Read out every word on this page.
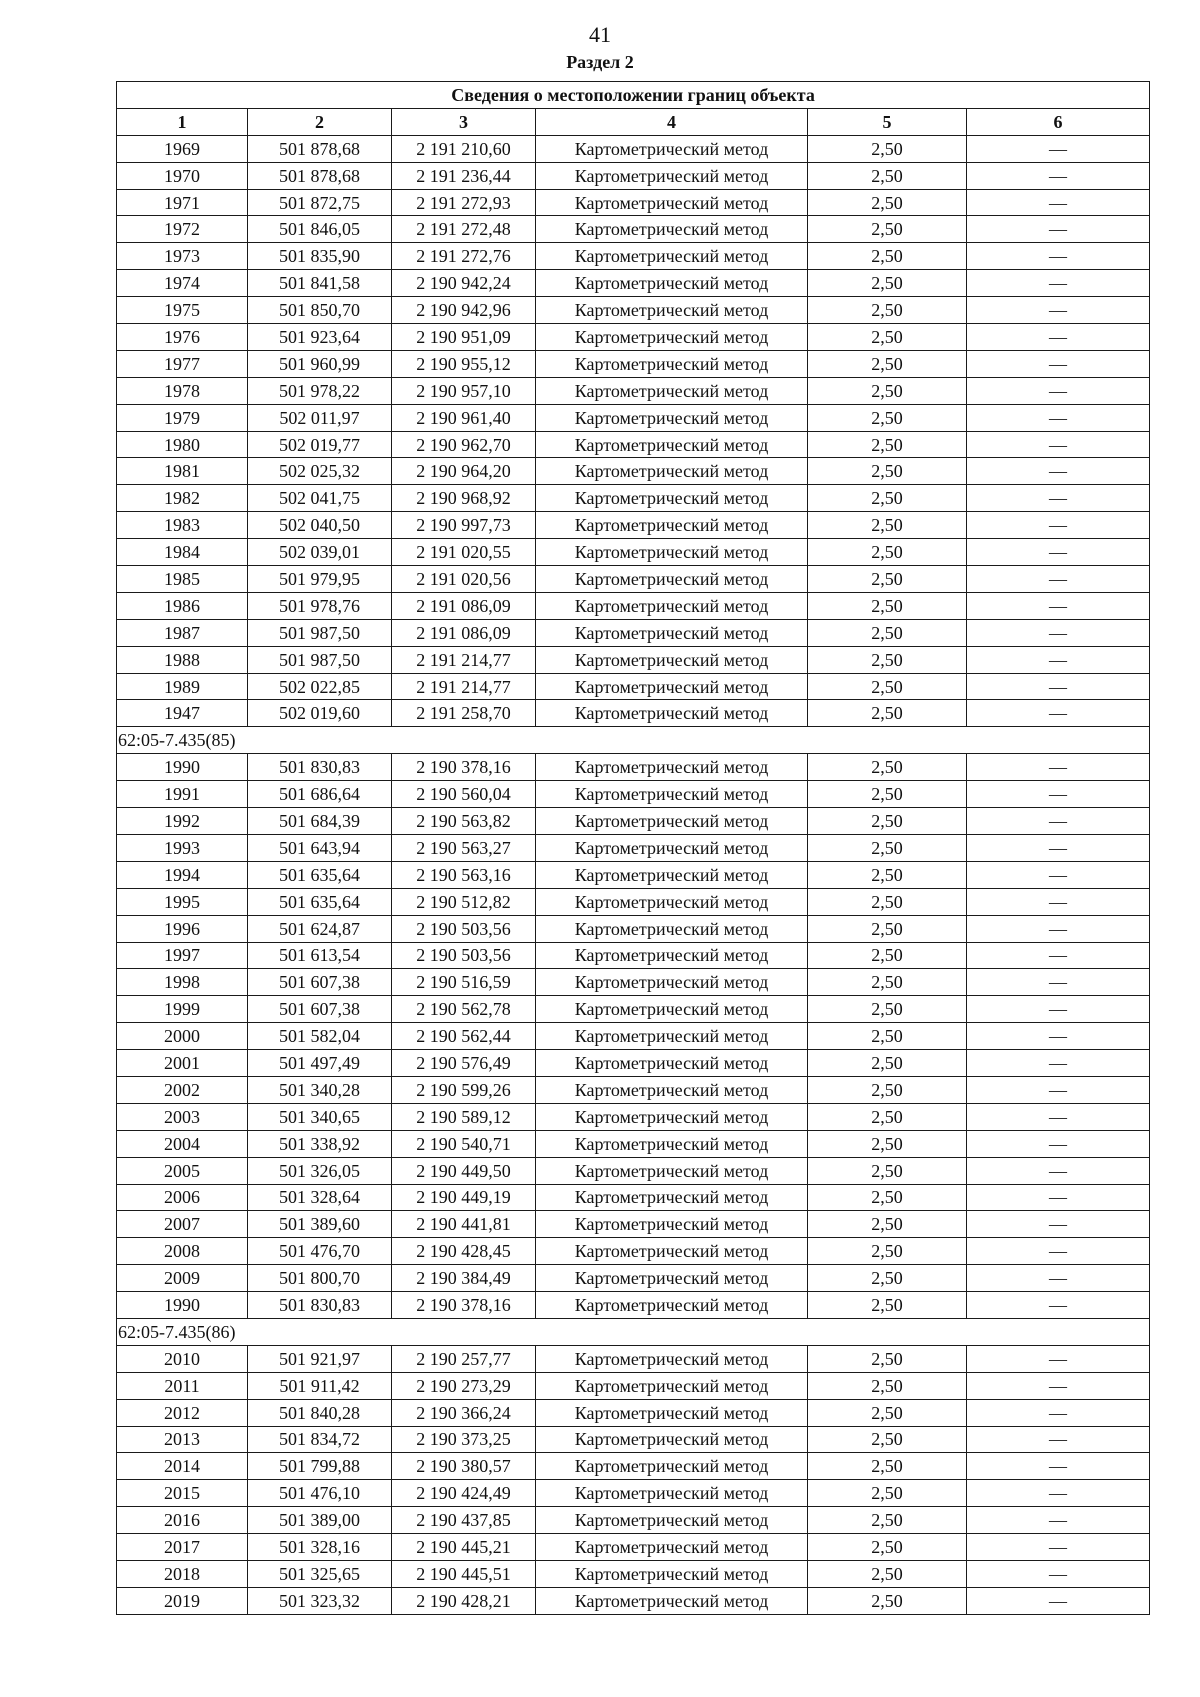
41
Раздел 2
Сведения о местоположении границ объекта					
1	2	3	4	5	6
1969	501 878,68	2 191 210,60	Картометрический метод	2,50	—
1970	501 878,68	2 191 236,44	Картометрический метод	2,50	—
1971	501 872,75	2 191 272,93	Картометрический метод	2,50	—
1972	501 846,05	2 191 272,48	Картометрический метод	2,50	—
1973	501 835,90	2 191 272,76	Картометрический метод	2,50	—
1974	501 841,58	2 190 942,24	Картометрический метод	2,50	—
1975	501 850,70	2 190 942,96	Картометрический метод	2,50	—
1976	501 923,64	2 190 951,09	Картометрический метод	2,50	—
1977	501 960,99	2 190 955,12	Картометрический метод	2,50	—
1978	501 978,22	2 190 957,10	Картометрический метод	2,50	—
1979	502 011,97	2 190 961,40	Картометрический метод	2,50	—
1980	502 019,77	2 190 962,70	Картометрический метод	2,50	—
1981	502 025,32	2 190 964,20	Картометрический метод	2,50	—
1982	502 041,75	2 190 968,92	Картометрический метод	2,50	—
1983	502 040,50	2 190 997,73	Картометрический метод	2,50	—
1984	502 039,01	2 191 020,55	Картометрический метод	2,50	—
1985	501 979,95	2 191 020,56	Картометрический метод	2,50	—
1986	501 978,76	2 191 086,09	Картометрический метод	2,50	—
1987	501 987,50	2 191 086,09	Картометрический метод	2,50	—
1988	501 987,50	2 191 214,77	Картометрический метод	2,50	—
1989	502 022,85	2 191 214,77	Картометрический метод	2,50	—
1947	502 019,60	2 191 258,70	Картометрический метод	2,50	—
62:05-7.435(85)					
1990	501 830,83	2 190 378,16	Картометрический метод	2,50	—
1991	501 686,64	2 190 560,04	Картометрический метод	2,50	—
1992	501 684,39	2 190 563,82	Картометрический метод	2,50	—
1993	501 643,94	2 190 563,27	Картометрический метод	2,50	—
1994	501 635,64	2 190 563,16	Картометрический метод	2,50	—
1995	501 635,64	2 190 512,82	Картометрический метод	2,50	—
1996	501 624,87	2 190 503,56	Картометрический метод	2,50	—
1997	501 613,54	2 190 503,56	Картометрический метод	2,50	—
1998	501 607,38	2 190 516,59	Картометрический метод	2,50	—
1999	501 607,38	2 190 562,78	Картометрический метод	2,50	—
2000	501 582,04	2 190 562,44	Картометрический метод	2,50	—
2001	501 497,49	2 190 576,49	Картометрический метод	2,50	—
2002	501 340,28	2 190 599,26	Картометрический метод	2,50	—
2003	501 340,65	2 190 589,12	Картометрический метод	2,50	—
2004	501 338,92	2 190 540,71	Картометрический метод	2,50	—
2005	501 326,05	2 190 449,50	Картометрический метод	2,50	—
2006	501 328,64	2 190 449,19	Картометрический метод	2,50	—
2007	501 389,60	2 190 441,81	Картометрический метод	2,50	—
2008	501 476,70	2 190 428,45	Картометрический метод	2,50	—
2009	501 800,70	2 190 384,49	Картометрический метод	2,50	—
1990	501 830,83	2 190 378,16	Картометрический метод	2,50	—
62:05-7.435(86)					
2010	501 921,97	2 190 257,77	Картометрический метод	2,50	—
2011	501 911,42	2 190 273,29	Картометрический метод	2,50	—
2012	501 840,28	2 190 366,24	Картометрический метод	2,50	—
2013	501 834,72	2 190 373,25	Картометрический метод	2,50	—
2014	501 799,88	2 190 380,57	Картометрический метод	2,50	—
2015	501 476,10	2 190 424,49	Картометрический метод	2,50	—
2016	501 389,00	2 190 437,85	Картометрический метод	2,50	—
2017	501 328,16	2 190 445,21	Картометрический метод	2,50	—
2018	501 325,65	2 190 445,51	Картометрический метод	2,50	—
2019	501 323,32	2 190 428,21	Картометрический метод	2,50	—
